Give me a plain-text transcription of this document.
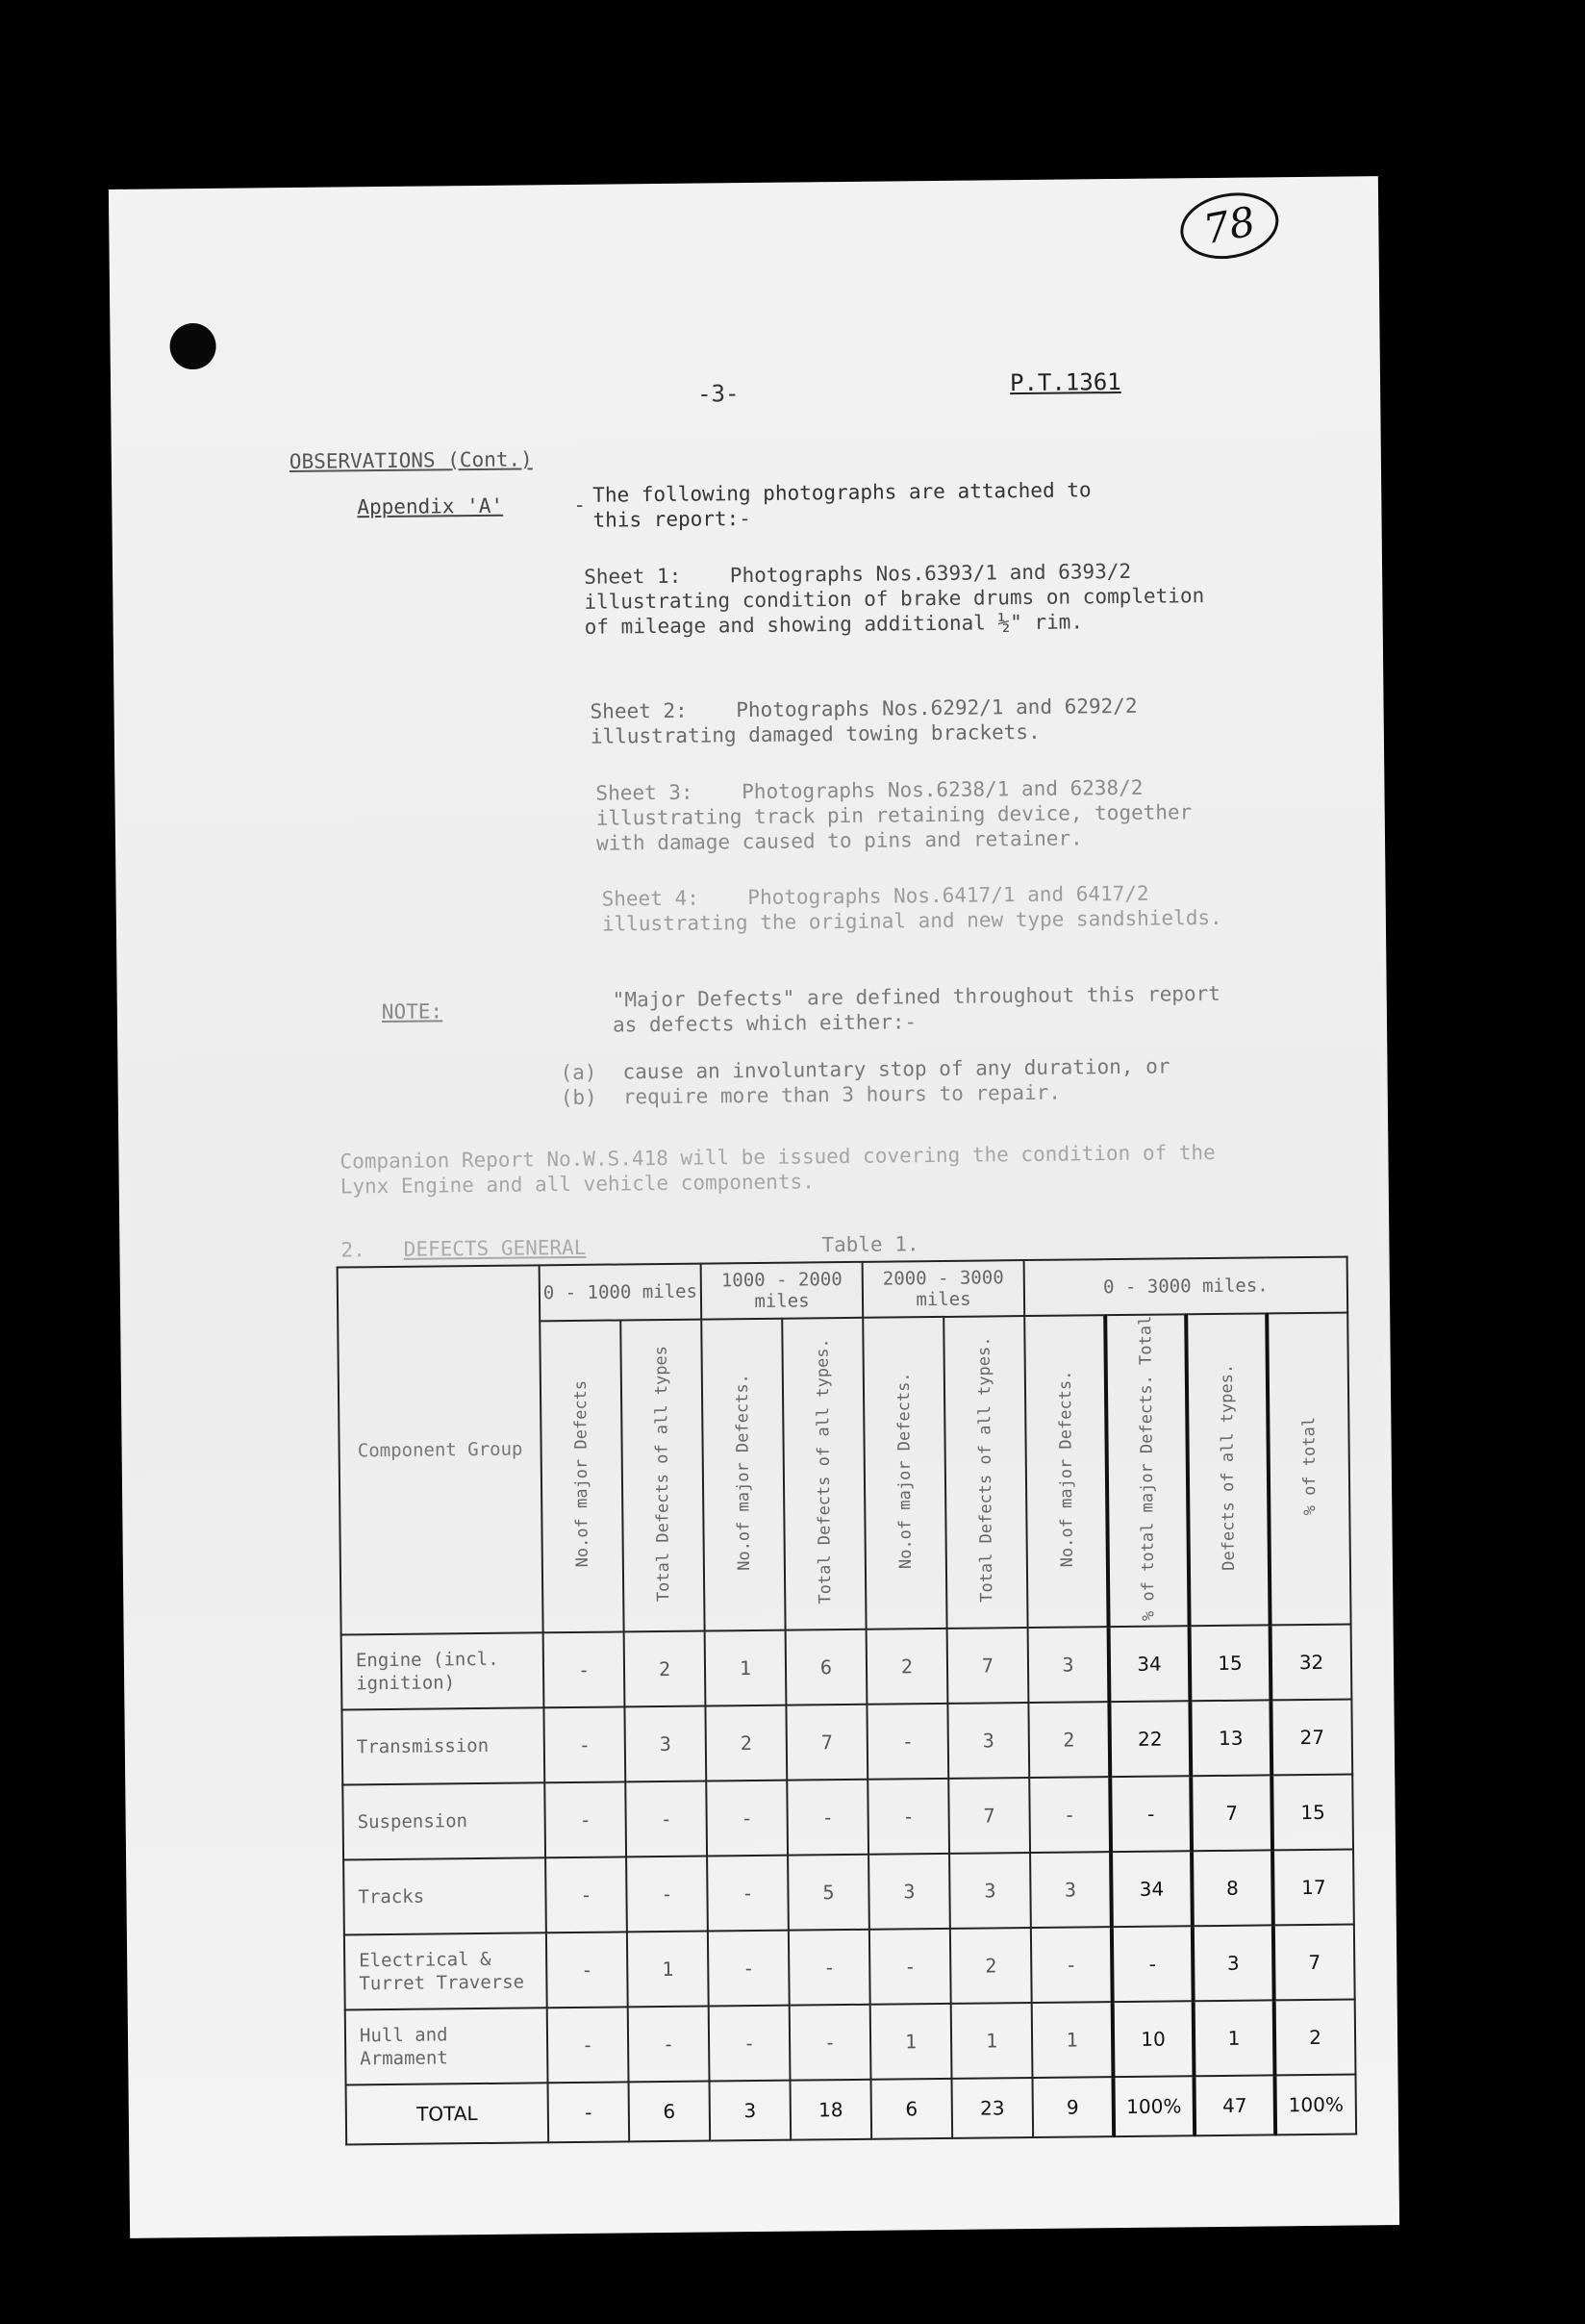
78
-3-	P.T.1361
OBSERVATIONS (Cont.)
Appendix 'A'	- The following photographs are attached to this report:-
Sheet 1: Photographs Nos.6393/1 and 6393/2 illustrating condition of brake drums on completion of mileage and showing additional ½" rim.
Sheet 2: Photographs Nos.6292/1 and 6292/2 illustrating damaged towing brackets.
Sheet 3: Photographs Nos.6238/1 and 6238/2 illustrating track pin retaining device, together with damage caused to pins and retainer.
Sheet 4: Photographs Nos.6417/1 and 6417/2 illustrating the original and new type sandshields.
NOTE:
"Major Defects" are defined throughout this report as defects which either:-
(a) cause an involuntary stop of any duration, or
(b) require more than 3 hours to repair.
Companion Report No.W.S.418 will be issued covering the condition of the Lynx Engine and all vehicle components.
2. DEFECTS GENERAL	Table 1.
Component Group	0 - 1000 miles		1000 - 2000 miles		2000 - 3000 miles		0 - 3000 miles.			
	No.of major Defects	Total Defects of all types	No.of major Defects.	Total Defects of all types.	No.of major Defects.	Total Defects of all types.	No.of major Defects.	% of total major Defects. Total	Defects of all types.	% of total
Engine (incl. ignition)	-	2	1	6	2	7	3	34	15	32
Transmission	-	3	2	7	-	3	2	22	13	27
Suspension	-	-	-	-	-	7	-	-	7	15
Tracks	-	-	-	5	3	3	3	34	8	17
Electrical & Turret Traverse	-	1	-	-	-	2	-	-	3	7
Hull and Armament	-	-	-	-	1	1	1	10	1	2
TOTAL	-	6	3	18	6	23	9	100%	47	100%
